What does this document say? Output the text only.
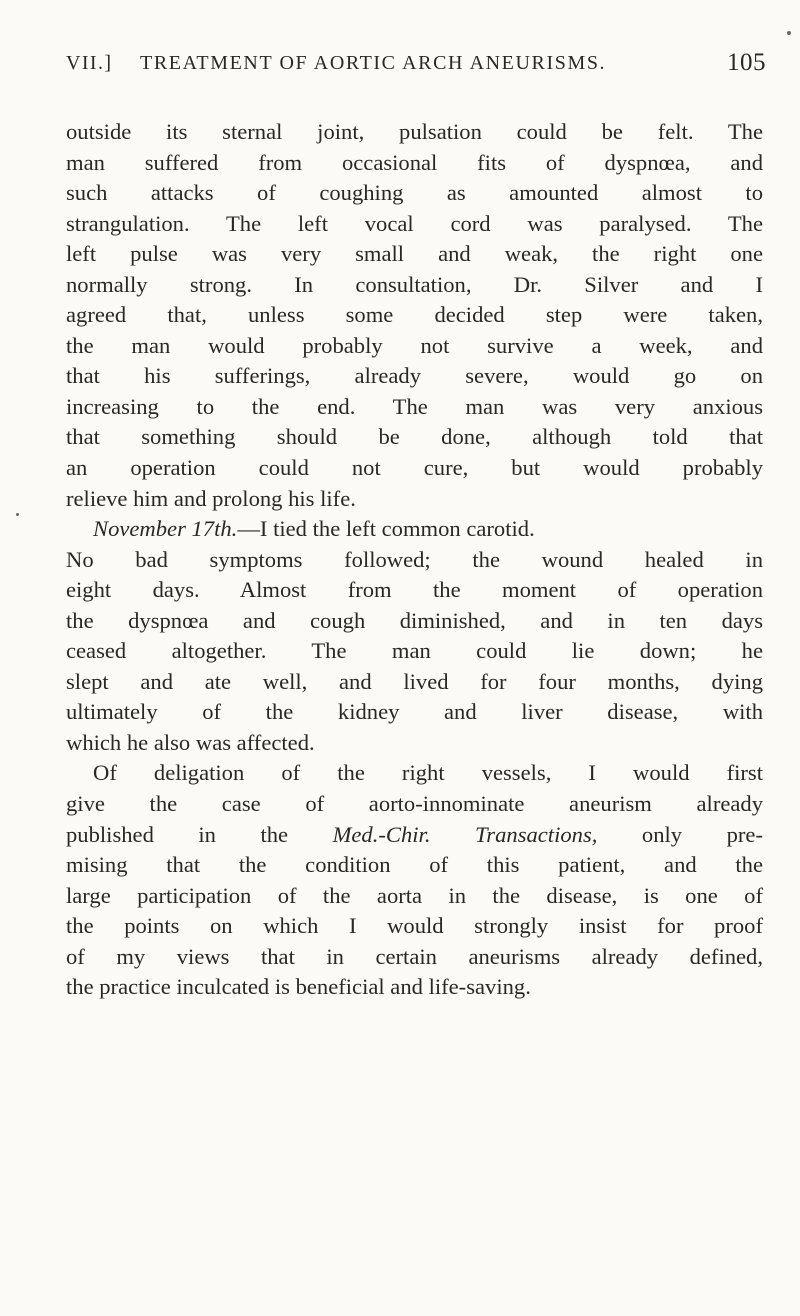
VII.] TREATMENT OF AORTIC ARCH ANEURISMS.	105
outside its sternal joint, pulsation could be felt. The
man suffered from occasional fits of dyspnœa, and
such attacks of coughing as amounted almost to
strangulation. The left vocal cord was paralysed. The
left pulse was very small and weak, the right one
normally strong. In consultation, Dr. Silver and I
agreed that, unless some decided step were taken,
the man would probably not survive a week, and
that his sufferings, already severe, would go on
increasing to the end. The man was very anxious
that something should be done, although told that
an operation could not cure, but would probably
relieve him and prolong his life.
November 17th.—I tied the left common carotid.
No bad symptoms followed; the wound healed in
eight days. Almost from the moment of operation
the dyspnœa and cough diminished, and in ten days
ceased altogether. The man could lie down; he
slept and ate well, and lived for four months, dying
ultimately of the kidney and liver disease, with
which he also was affected.
Of deligation of the right vessels, I would first
give the case of aorto-innominate aneurism already
published in the Med.-Chir. Transactions, only pre-
mising that the condition of this patient, and the
large participation of the aorta in the disease, is one of
the points on which I would strongly insist for proof
of my views that in certain aneurisms already defined,
the practice inculcated is beneficial and life-saving.
